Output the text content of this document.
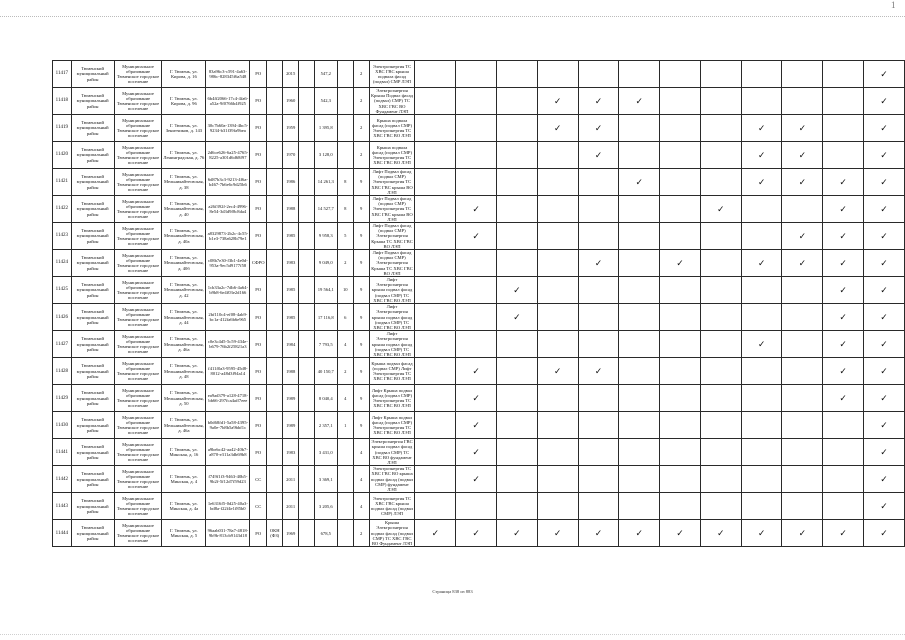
1
11417	Тюменский муниципальный район	Муниципальное образование Тюменское городское поселение	Г. Тюмень, ул. Кирова, д. 16	83a96c3-c591-4a63-986c-828345f6a548	РО		2015		547,2		2	Электроэнергия ТС ХВС ГВС крыша подвала фасад (подвал) СМР ЛЭП												✓
11418	Тюменский муниципальный район	Муниципальное образование Тюменское городское поселение	Г. Тюмень, ул. Кирова, д. 96	6b4ff2066-17c4-4fa6-a52a-9f0766b4f925	РО		1960		542,3		2	Электроэнергия Крыша Подвал фасад (подвал) СМР) ТС ХВС ГВС ВО Фундамент ЛЭП				✓	✓	✓						✓
11419	Тюменский муниципальный район	Муниципальное образование Тюменское городское поселение	Г. Тюмень, ул. Зенитчиков, д. 143	30c7b60a-1394-4bc5-9234-b31f39fa9bea	РО		1959		1 395,8		2	Крыша подвала фасад (подвал СМР) Электроэнергия ТС ХВС ГВС ВО ЛЭП				✓	✓				✓	✓		✓
11420	Тюменский муниципальный район	Муниципальное образование Тюменское городское поселение	Г. Тюмень, ул. Ленинградская, д. 76	2d6ce626-6a25-4765-8225-a301d6d68f97	РО		1970		3 128,0		2	Крыша подвала фасад (подвал СМР) Электроэнергия ТС ХВС ГВС ВО ЛЭП					✓				✓	✓		✓
11421	Тюменский муниципальный район	Муниципальное образование Тюменское городское поселение	Г. Тюмень, ул. Мельникайтесвская, д. 38	6d87b3c3-9213-4f6a-b467-7b6e6c9d25b6	РО		1986		14 261,3	8	9	Лифт Подвал фасад (подвал СМР) Электроэнергия ТС ХВС ГВС крыша ВО ЛЭП						✓			✓	✓	✓	✓
11422	Тюменский муниципальный район	Муниципальное образование Тюменское городское поселение	Г. Тюмень, ул. Мельникайтесвская, д. 40	a26f392f-2ec4-4996-8e54-3d3d9f8c8da4	РО		1988		14 527,7	8	9	Лифт Подвал фасад (подвал СМР) Электроэнергия ТС ХВС ГВС крыша ВО ЛЭП		✓						✓			✓	✓
11423	Тюменский муниципальный район	Муниципальное образование Тюменское городское поселение	Г. Тюмень, ул. Мельникайтесвская, д. 40а	a8329873-2b2c-4c55-b1e3-738a628b79e1	РО		1985		9 958,3	5	9	Лифт Подвал фасад (подвал СМР) Электроэнергия Крыша ТС ХВС ГВС ВО ЛЭП		✓								✓	✓	✓
11424	Тюменский муниципальный район	Муниципальное образование Тюменское городское поселение	Г. Тюмень, ул. Мельникайтесвская, д. 40б	c08b7e30-f3b1-4e0d-953a-9ec5d9177f58	СФРО		1983		9 049,0	2	9	Лифт Подвал фасад (подвал СМР) Электроэнергия Крыша ТС ХВС ГВС ВО ЛЭП					✓		✓		✓	✓	✓	✓
11425	Тюменский муниципальный район	Муниципальное образование Тюменское городское поселение	Г. Тюмень, ул. Мельникайтесвская, д. 42	1cb33a2c-7db6-4a64-b9b8-6e4f03e2d166	РО		1985		19 564,1	10	9	Лифт Электроэнергия крыша подвал фасад (подвал СМР) ТС ХВС ГВС ВО ЛЭП			✓								✓	✓
11426	Тюменский муниципальный район	Муниципальное образование Тюменское городское поселение	Г. Тюмень, ул. Мельникайтесвская, д. 44	2bf110c4-ef08-4ab9-bc1a-412fa6b6e965	РО		1985		17 116,8	6	9	Лифт Электроэнергия крыша подвал фасад (подвал СМР) ТС ХВС ГВС ВО ЛЭП			✓								✓	✓
11427	Тюменский муниципальный район	Муниципальное образование Тюменское городское поселение	Г. Тюмень, ул. Мельникайтесвская, д. 46а	c0e3c4d5-5c59-434e-b679-76b2f25821a3	РО		1984		7 793,5	4	9	Лифт Электроэнергия крыша подвал фасад (подвал СМР) ТС ХВС ГВС ВО ЛЭП									✓		✓	✓
11428	Тюменский муниципальный район	Муниципальное образование Тюменское городское поселение	Г. Тюмень, ул. Мельникайтесвская, д. 48	f411f0a3-9595-45d8-8012-a48d3f94a14	РО		1988		40 150,7	2	9	Крыша подвал фасад (подвал СМР) Лифт Электроэнергия ТС ХВС ГВС ВО ЛЭП		✓		✓	✓						✓	✓
11429	Тюменский муниципальный район	Муниципальное образование Тюменское городское поселение	Г. Тюмень, ул. Мельникайтесвская, д. 50	ea9ad379-a128-4718-bb66-297fca4aff7eee	РО		1989		8 040,4	4	9	Лифт Крыша подвал фасад (подвал СМР) Электроэнергия ТС ХВС ГВС ВО ЛЭП		✓									✓	✓
11430	Тюменский муниципальный район	Муниципальное образование Тюменское городское поселение	Г. Тюмень, ул. Мельникайтесвская, д. 46а	b0d68fd1-5a58-4395-9a0e-7b8b5a9bbf1c	РО		1989		2 357,1	1	9	Лифт Крыша подвал фасад (подвал СМР) Электроэнергия ТС ХВС ГВС ВО ЛЭП		✓										✓
11441	Тюменский муниципальный район	Муниципальное образование Тюменское городское поселение	Г. Тюмень, ул. Минская, д. 16	a9bebc42-aa42-40b7-a870-e311a3db69b8	РО		1983		3 431,0		4	Электроэнергия ГВС крыша подвал фасад (подвал СМР) ТС ХВС ВО фундамент ЛЭП		✓										✓
11442	Тюменский муниципальный район	Муниципальное образование Тюменское городское поселение	Г. Тюмень, ул. Минская, д. 4	f749f1f3-9463-40b5-9b2f-5f12d7f59d23	СС		2011		3 369,1		4	Электроэнергия ТС ХВС ГВС ВО крыша подвал фасад (подвал СМР) фундамент ЛЭП		✓										✓
11443	Тюменский муниципальный район	Муниципальное образование Тюменское городское поселение	Г. Тюмень, ул. Минская, д. 4а	1e6316f5-0d25-40a3-bd8a-f22f4e1f85b0	СС		2011		3 205,6		4	Электроэнергия ТС ХВС ГВС крыша подвал фасад (подвал СМР) ЛЭП												✓
11444	Тюменский муниципальный район	Муниципальное образование Тюменское городское поселение	Г. Тюмень, ул. Минская, д. 5	96aab031-78a7-4818-9b9b-813cb9143d18	РО	ОКН (ФЗ)	1969		678,5		2	Крыша Электроэнергия подвал фасад (подвал СМР) ТС ХВС ГВС ВО Фундамент ЛЭП	✓	✓	✓	✓	✓	✓	✓	✓	✓	✓	✓	✓
Страница 838 из 883
